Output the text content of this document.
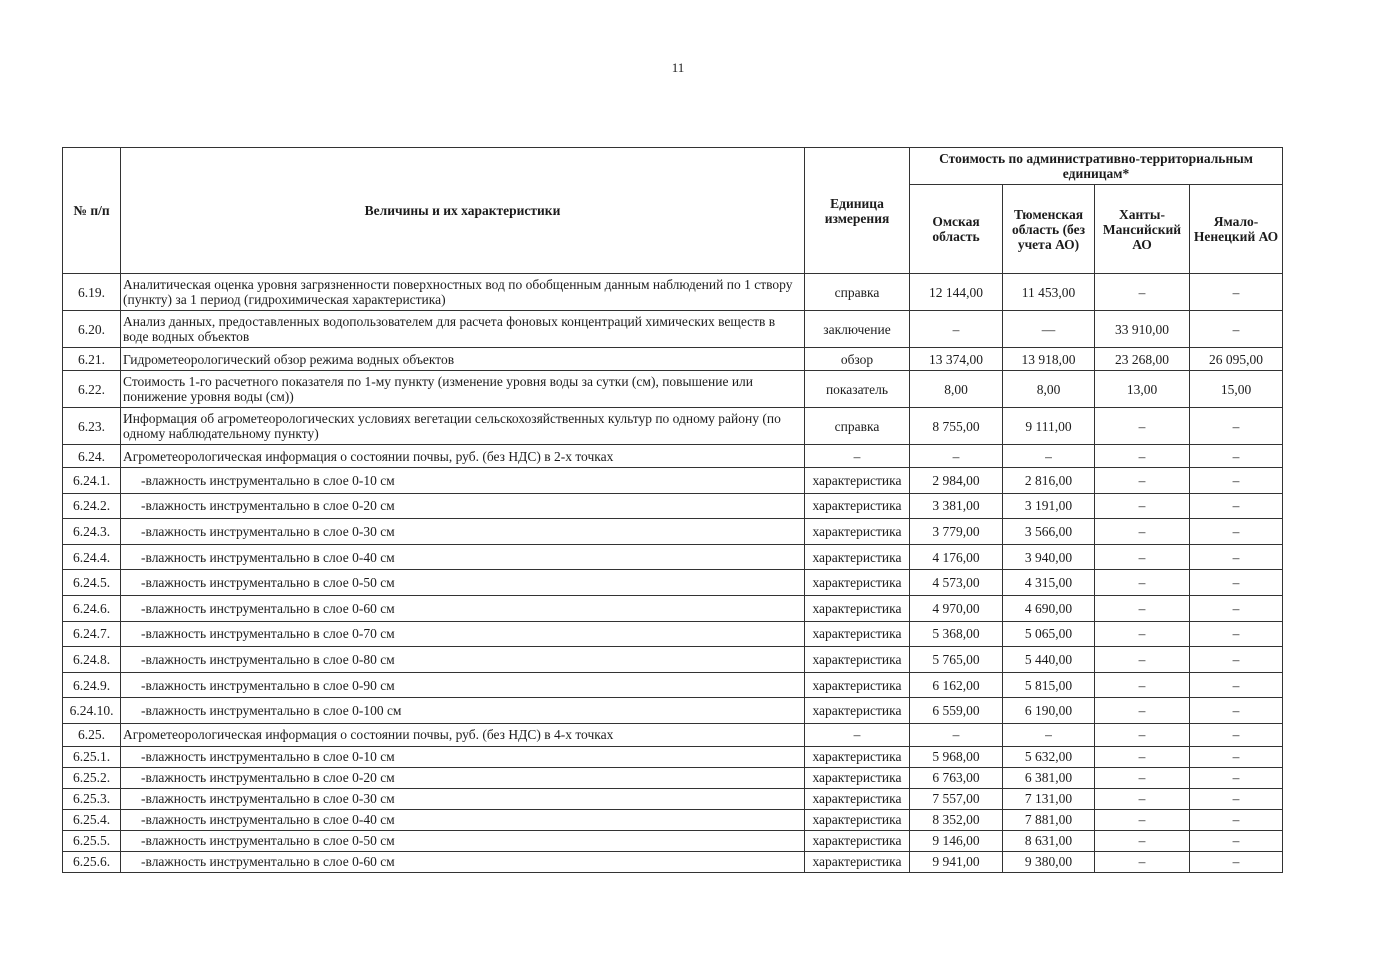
11
№ п/п	Величины и их характеристики	Единица измерения	Стоимость по административно-территориальным единицам*			
			Омская область	Тюменская область (без учета АО)	Ханты-Мансийский АО	Ямало-Ненецкий АО
6.19.	Аналитическая оценка уровня загрязненности поверхностных вод по обобщенным данным наблюдений по 1 створу (пункту) за 1 период (гидрохимическая характеристика)	справка	12 144,00	11 453,00	–	–
6.20.	Анализ данных, предоставленных водопользователем для расчета фоновых концентраций химических веществ в воде водных объектов	заключение	–	—	33 910,00	–
6.21.	Гидрометеорологический обзор режима водных объектов	обзор	13 374,00	13 918,00	23 268,00	26 095,00
6.22.	Стоимость 1-го расчетного показателя по 1-му пункту (изменение уровня воды за сутки (см), повышение или понижение уровня воды (см))	показатель	8,00	8,00	13,00	15,00
6.23.	Информация об агрометеорологических условиях вегетации сельскохозяйственных культур по одному району (по одному наблюдательному пункту)	справка	8 755,00	9 111,00	–	–
6.24.	Агрометеорологическая информация о состоянии почвы, руб. (без НДС) в 2-х точках	–	–	–	–	–
6.24.1.	-влажность инструментально в слое 0-10 см	характеристика	2 984,00	2 816,00	–	–
6.24.2.	-влажность инструментально в слое 0-20 см	характеристика	3 381,00	3 191,00	–	–
6.24.3.	-влажность инструментально в слое 0-30 см	характеристика	3 779,00	3 566,00	–	–
6.24.4.	-влажность инструментально в слое 0-40 см	характеристика	4 176,00	3 940,00	–	–
6.24.5.	-влажность инструментально в слое 0-50 см	характеристика	4 573,00	4 315,00	–	–
6.24.6.	-влажность инструментально в слое 0-60 см	характеристика	4 970,00	4 690,00	–	–
6.24.7.	-влажность инструментально в слое 0-70 см	характеристика	5 368,00	5 065,00	–	–
6.24.8.	-влажность инструментально в слое 0-80 см	характеристика	5 765,00	5 440,00	–	–
6.24.9.	-влажность инструментально в слое 0-90 см	характеристика	6 162,00	5 815,00	–	–
6.24.10.	-влажность инструментально в слое 0-100 см	характеристика	6 559,00	6 190,00	–	–
6.25.	Агрометеорологическая информация о состоянии почвы, руб. (без НДС) в 4-х точках	–	–	–	–	–
6.25.1.	-влажность инструментально в слое 0-10 см	характеристика	5 968,00	5 632,00	–	–
6.25.2.	-влажность инструментально в слое 0-20 см	характеристика	6 763,00	6 381,00	–	–
6.25.3.	-влажность инструментально в слое 0-30 см	характеристика	7 557,00	7 131,00	–	–
6.25.4.	-влажность инструментально в слое 0-40 см	характеристика	8 352,00	7 881,00	–	–
6.25.5.	-влажность инструментально в слое 0-50 см	характеристика	9 146,00	8 631,00	–	–
6.25.6.	-влажность инструментально в слое 0-60 см	характеристика	9 941,00	9 380,00	–	–
